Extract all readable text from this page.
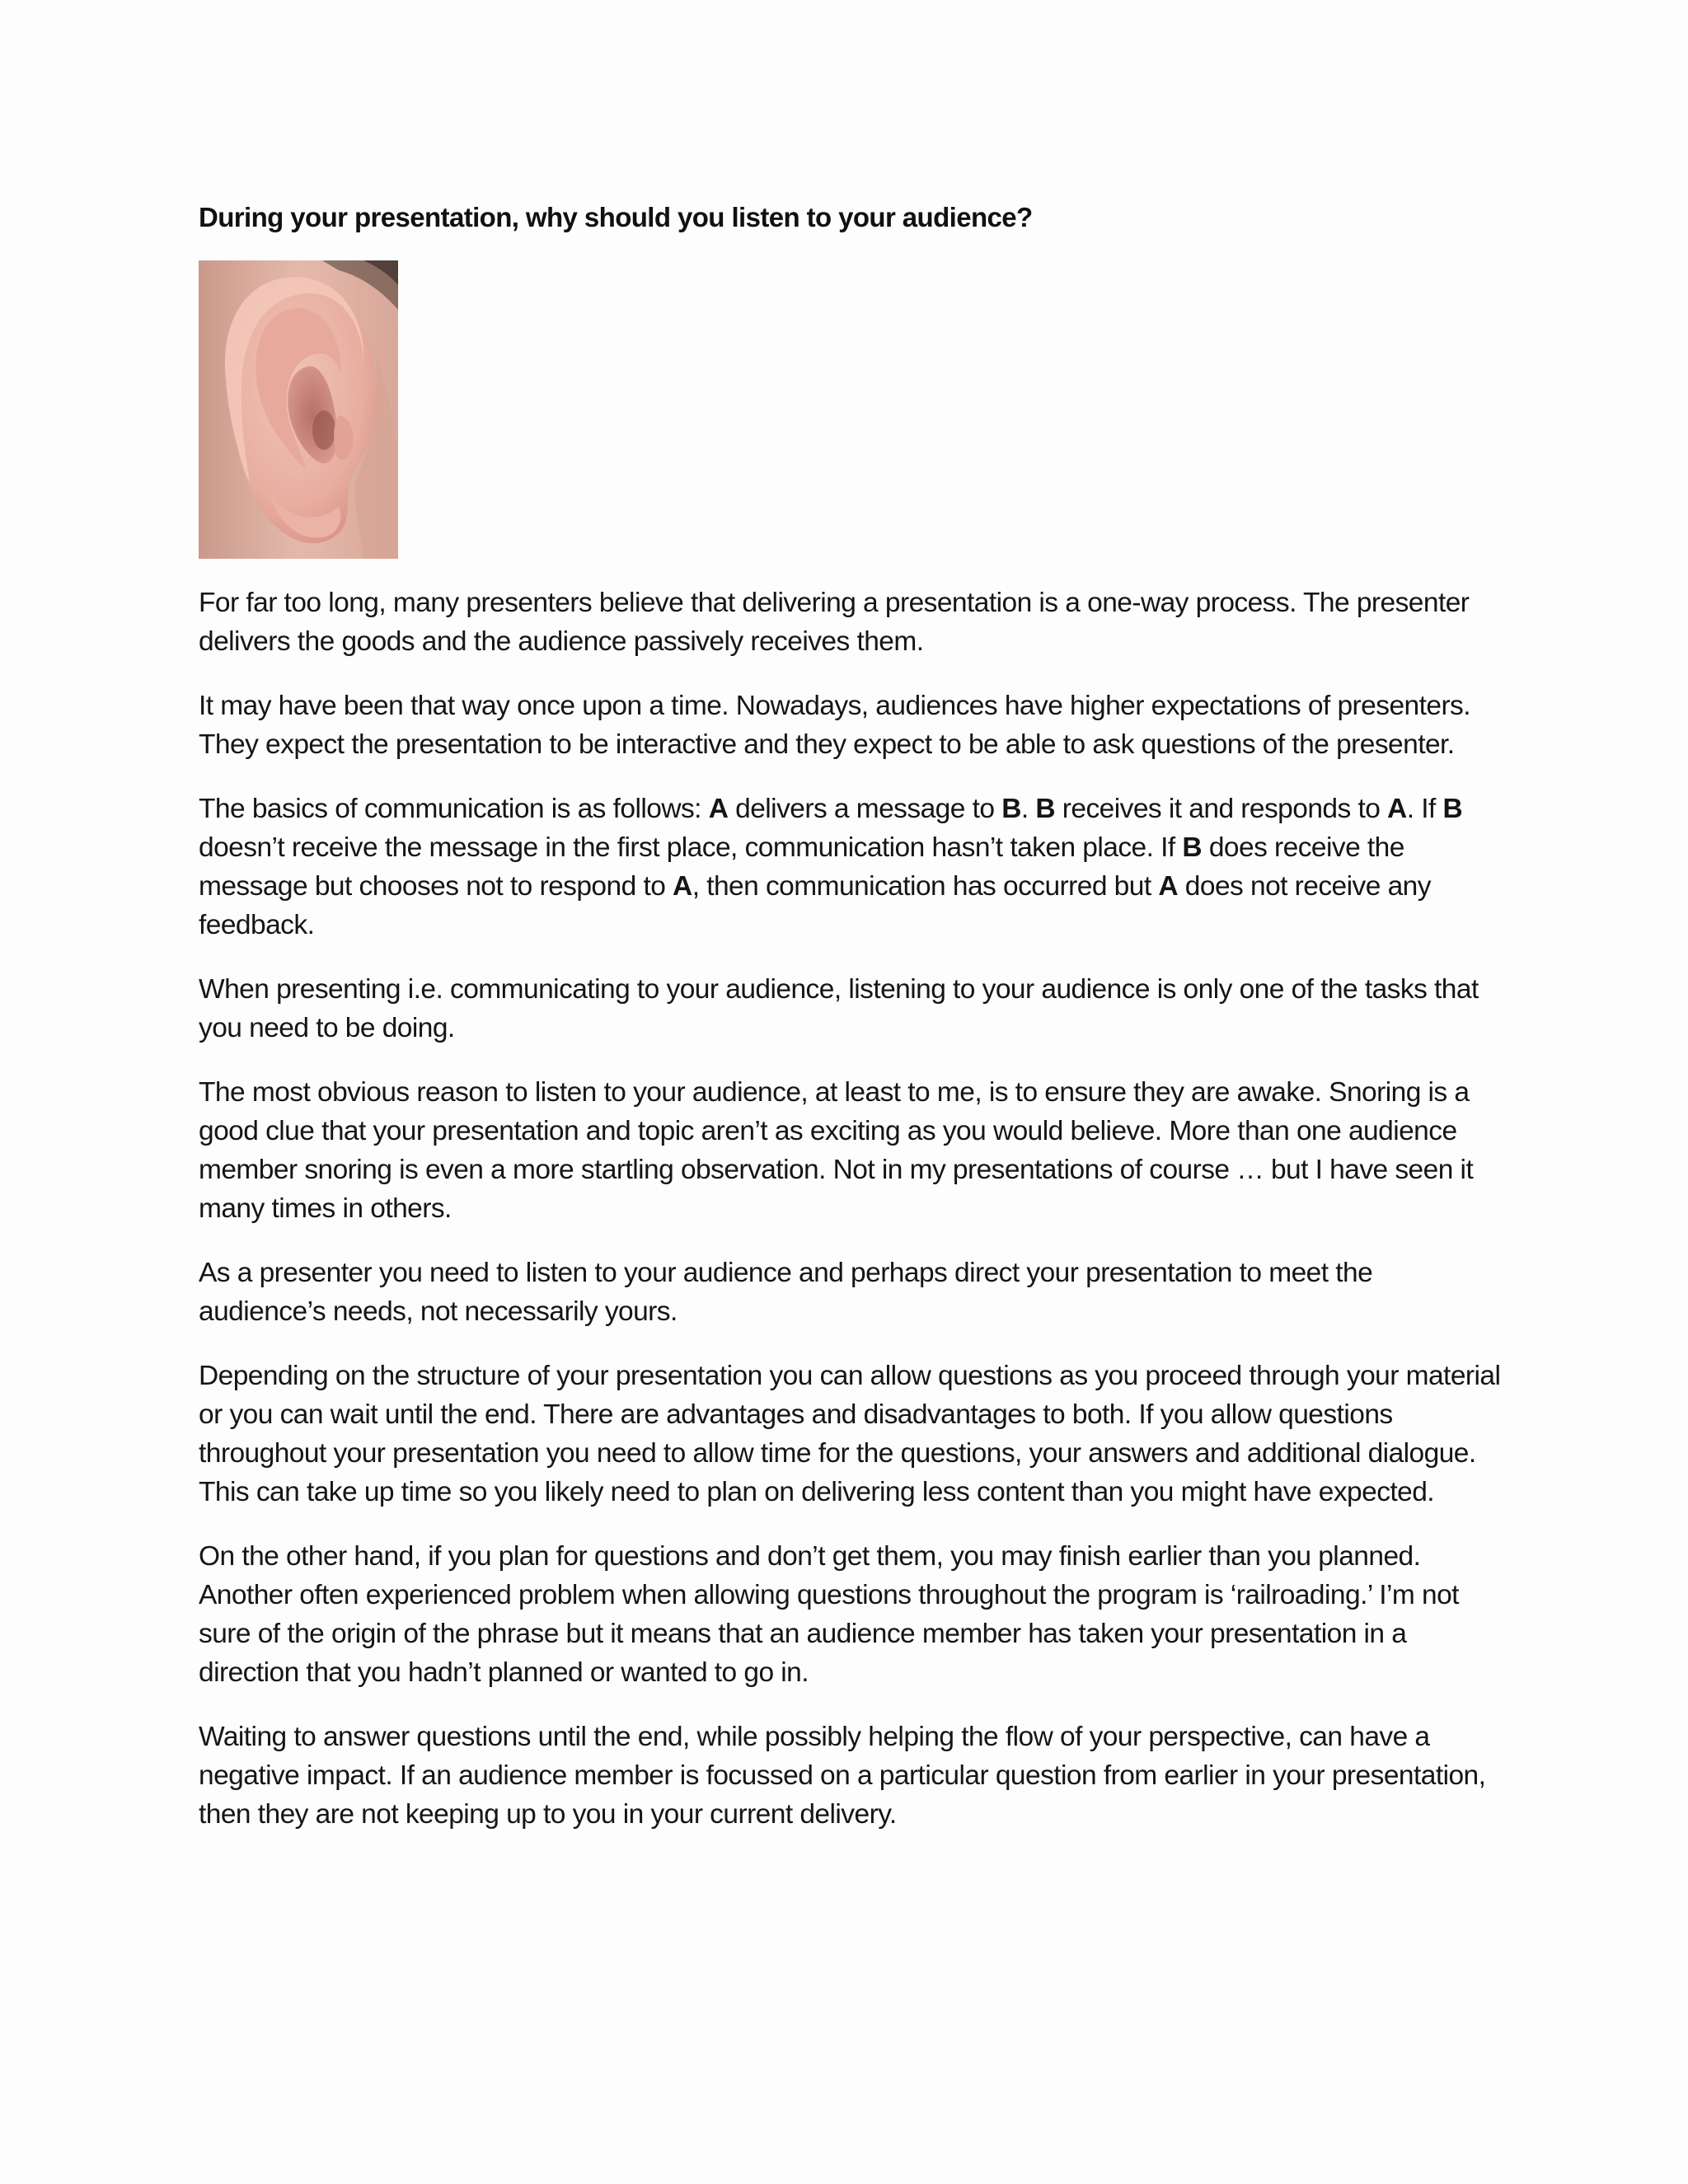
During your presentation, why should you listen to your audience?

For far too long, many presenters believe that delivering a presentation is a one-way process. The presenter delivers the goods and the audience passively receives them.

It may have been that way once upon a time. Nowadays, audiences have higher expectations of presenters. They expect the presentation to be interactive and they expect to be able to ask questions of the presenter.

The basics of communication is as follows: A delivers a message to B. B receives it and responds to A. If B doesn’t receive the message in the first place, communication hasn’t taken place. If B does receive the message but chooses not to respond to A, then communication has occurred but A does not receive any feedback.

When presenting i.e. communicating to your audience, listening to your audience is only one of the tasks that you need to be doing.

The most obvious reason to listen to your audience, at least to me, is to ensure they are awake. Snoring is a good clue that your presentation and topic aren’t as exciting as you would believe. More than one audience member snoring is even a more startling observation. Not in my presentations of course … but I have seen it many times in others.

As a presenter you need to listen to your audience and perhaps direct your presentation to meet the audience’s needs, not necessarily yours.

Depending on the structure of your presentation you can allow questions as you proceed through your material or you can wait until the end. There are advantages and disadvantages to both. If you allow questions throughout your presentation you need to allow time for the questions, your answers and additional dialogue. This can take up time so you likely need to plan on delivering less content than you might have expected.

On the other hand, if you plan for questions and don’t get them, you may finish earlier than you planned. Another often experienced problem when allowing questions throughout the program is ‘railroading.’ I’m not sure of the origin of the phrase but it means that an audience member has taken your presentation in a direction that you hadn’t planned or wanted to go in.

Waiting to answer questions until the end, while possibly helping the flow of your perspective, can have a negative impact. If an audience member is focussed on a particular question from earlier in your presentation, then they are not keeping up to you in your current delivery.
